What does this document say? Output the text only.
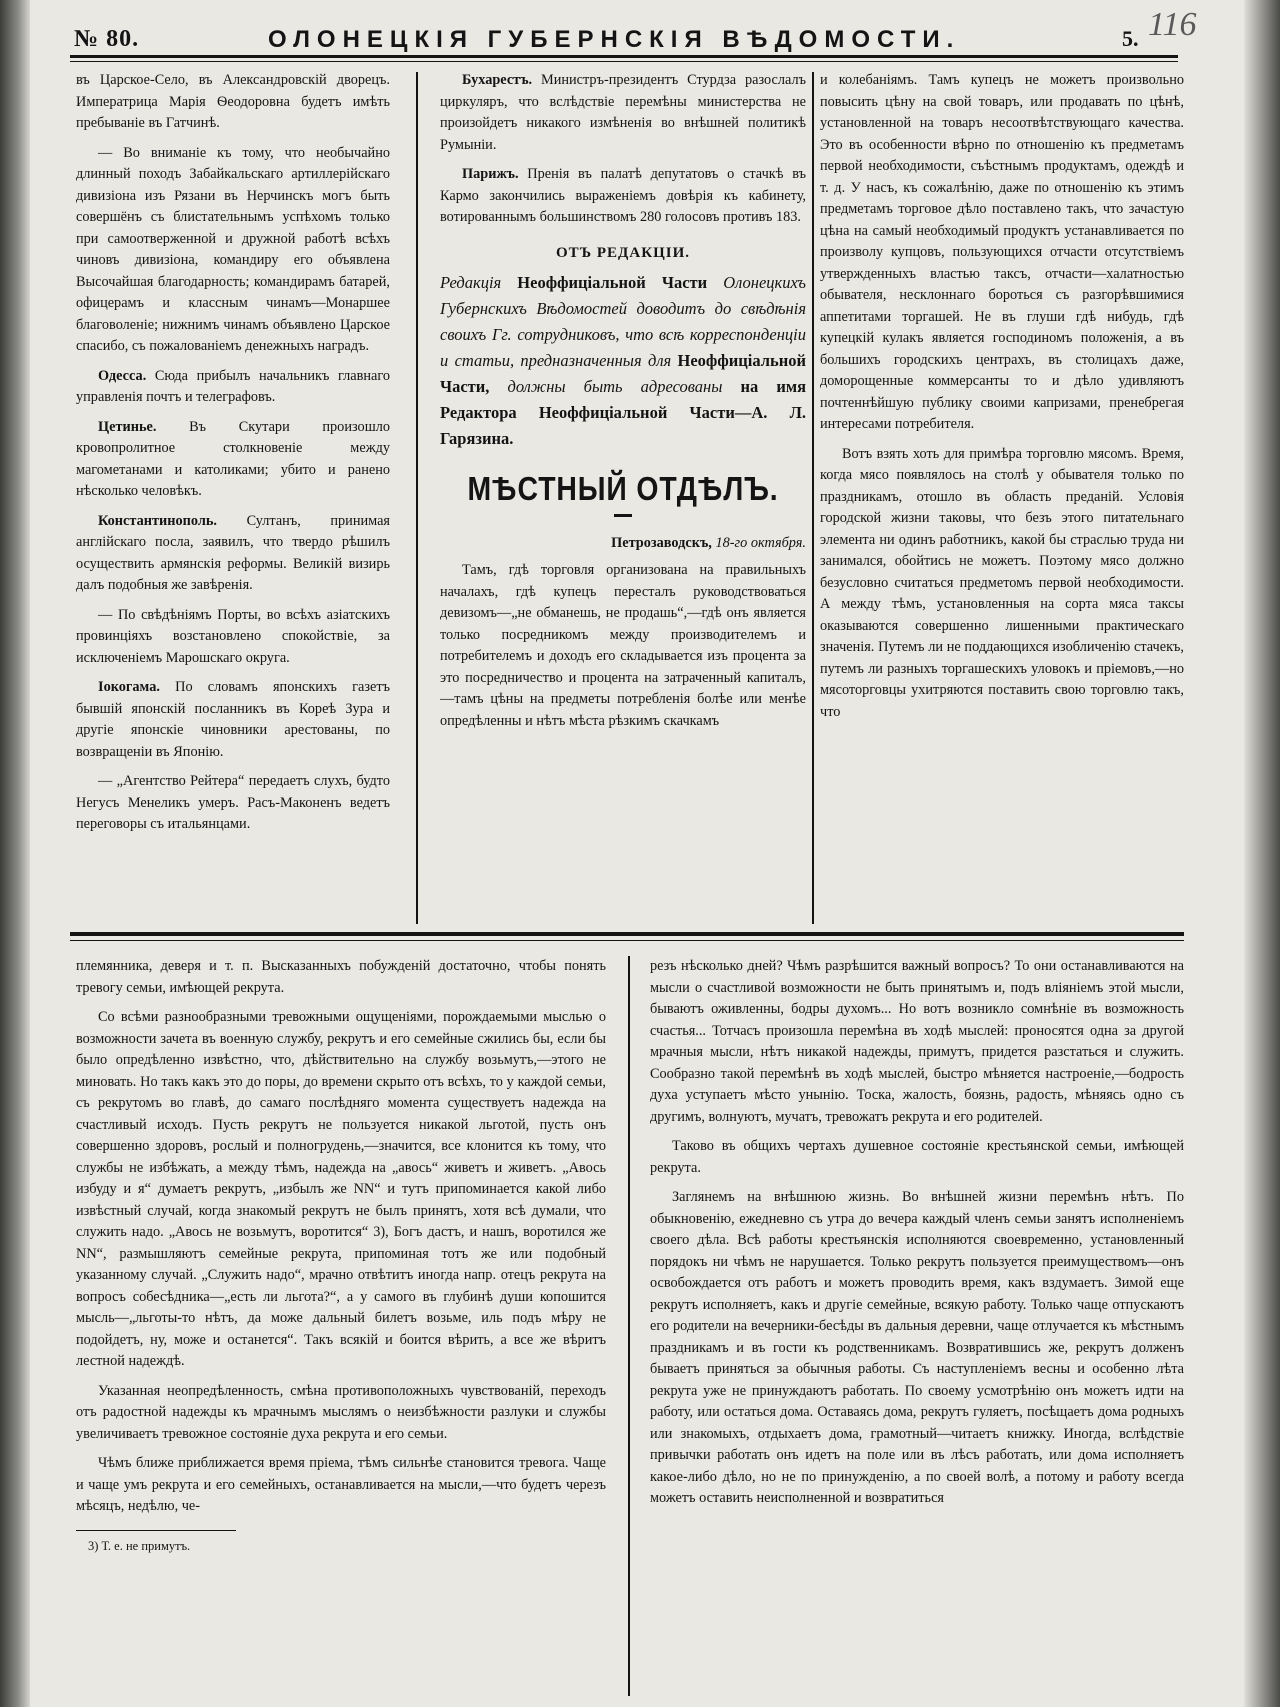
№ 80.	ОЛОНЕЦКІЯ ГУБЕРНСКІЯ ВѢДОМОСТИ.	5. 116

въ Царское-Село, въ Александровскій дворецъ. Императрица Марія Ѳеодоровна будетъ имѣть пребываніе въ Гатчинѣ.

— Во вниманіе къ тому, что необычайно длинный походъ Забайкальскаго артиллерійскаго дивизіона изъ Рязани въ Нерчинскъ могъ быть совершёнъ съ блистательнымъ успѣхомъ только при самоотверженной и дружной работѣ всѣхъ чиновъ дивизіона, командиру его объявлена Высочайшая благодарность; командирамъ батарей, офицерамъ и классным чинамъ—Монаршее благоволеніе; нижнимъ чинамъ объявлено Царское спасибо, съ пожалованіемъ денежныхъ наградъ.

Одесса. Сюда прибылъ начальникъ главнаго управленія почтъ и телеграфовъ.

Цетинье. Въ Скутари произошло кровопролитное столкновеніе между магометанами и католиками; убито и ранено нѣсколько человѣкъ.

Константинополь. Султанъ, принимая англійскаго посла, заявилъ, что твердо рѣшилъ осуществить армянскія реформы. Великій визирь далъ подобныя же завѣренія.

— По свѣдѣніямъ Порты, во всѣхъ азіатскихъ провинціяхъ возстановлено спокойствіе, за исключеніемъ Марошскаго округа.

Іокогама. По словамъ японскихъ газетъ бывшій японскій посланникъ въ Кореѣ Зура и другіе японскіе чиновники арестованы, по возвращеніи въ Японію.

— „Агентство Рейтера“ передаетъ слухъ, будто Негусъ Менеликъ умеръ. Расъ-Маконенъ ведетъ переговоры съ итальянцами.

Бухарестъ. Министръ-президентъ Стурдза разослалъ циркуляръ, что вслѣдствіе перемѣны министерства не произойдетъ никакого измѣненія во внѣшней политикѣ Румыніи.

Парижъ. Пренія въ палатѣ депутатовъ о стачкѣ въ Кармо закончились выраженіемъ довѣрія къ кабинету, вотированнымъ большинствомъ 280 голосовъ противъ 183.

ОТЪ РЕДАКЦІИ.
Редакція Неоффиціальной Части Олонецкихъ Губернскихъ Вѣдомостей доводитъ до свѣдѣнія своихъ Гг. сотрудниковъ, что всѣ корреспонденціи и статьи, предназначенныя для Неоффиціальной Части, должны быть адресованы на имя Редактора Неоффиціальной Части—А. Л. Гарязина.
МѢСТНЫЙ ОТДѢЛЪ.
Петрозаводскъ, 18-го октября.

Тамъ, гдѣ торговля организована на правильныхъ началахъ, гдѣ купецъ пересталъ руководствоваться девизомъ—„не обманешь, не продашь“,—гдѣ онъ является только посредникомъ между производителемъ и потребителемъ и доходъ его складывается изъ процента за это посредничество и процента на затраченный капиталъ,—тамъ цѣны на предметы потребленія болѣе или менѣе опредѣленны и нѣтъ мѣста рѣзкимъ скачкамъ

и колебаніямъ. Тамъ купецъ не можетъ произвольно повысить цѣну на свой товаръ, или продавать по цѣнѣ, установленной на товаръ несоотвѣтствующаго качества. Это въ особенности вѣрно по отношенію къ предметамъ первой необходимости, съѣстнымъ продуктамъ, одеждѣ и т. д. У насъ, къ сожалѣнію, даже по отношенію къ этимъ предметамъ торговое дѣло поставлено такъ, что зачастую цѣна на самый необходимый продуктъ устанавливается по произволу купцовъ, пользующихся отчасти отсутствіемъ утвержденныхъ властью таксъ, отчасти—халатностью обывателя, несклоннаго бороться съ разгорѣвшимися аппетитами торгашей. Не въ глуши гдѣ нибудь, гдѣ купецкій кулакъ является господиномъ положенія, а въ большихъ городскихъ центрахъ, въ столицахъ даже, доморощенные коммерсанты то и дѣло удивляютъ почтеннѣйшую публику своими капризами, пренебрегая интересами потребителя.

Вотъ взять хоть для примѣра торговлю мясомъ. Время, когда мясо появлялось на столѣ у обывателя только по праздникамъ, отошло въ область преданій. Условія городской жизни таковы, что безъ этого питательнаго элемента ни одинъ работникъ, какой бы страслью труда ни занимался, обойтись не можетъ. Поэтому мясо должно безусловно считаться предметомъ первой необходимости. А между тѣмъ, установленныя на сорта мяса таксы оказываются совершенно лишенными практическаго значенія. Путемъ ли не поддающихся изобличенію стачекъ, путемъ ли разныхъ торгашескихъ уловокъ и пріемовъ,—но мясоторговцы ухитряются поставить свою торговлю такъ, что

племянника, деверя и т. п. Высказанныхъ побужденій достаточно, чтобы понять тревогу семьи, имѣющей рекрута.

Со всѣми разнообразными тревожными ощущеніями, порождаемыми мыслью о возможности зачета въ военную службу, рекрутъ и его семейные сжились бы, если бы было опредѣленно извѣстно, что, дѣйствительно на службу возьмутъ,—этого не миновать. Но такъ какъ это до поры, до времени скрыто отъ всѣхъ, то у каждой семьи, съ рекрутомъ во главѣ, до самаго послѣдняго момента существуетъ надежда на счастливый исходъ. Пусть рекрутъ не пользуется никакой льготой, пусть онъ совершенно здоровъ, рослый и полногрудень,—значится, все клонится къ тому, что службы не избѣжать, а между тѣмъ, надежда на „авось“ живетъ и живетъ. „Авось избуду и я“ думаетъ рекрутъ, „избылъ же NN“ и тутъ припоминается какой либо извѣстный случай, когда знакомый рекрутъ не былъ принятъ, хотя всѣ думали, что служить надо. „Авось не возьмутъ, воротится“ 3), Богъ дастъ, и нашъ, воротился же NN“, размышляютъ семейные рекрута, припоминая тотъ же или подобный указанному случай. „Служить надо“, мрачно отвѣтитъ иногда напр. отецъ рекрута на вопросъ собесѣдника—„есть ли льгота?“, а у самого въ глубинѣ души копошится мысль—„льготы-то нѣтъ, да може дальный билетъ возьме, иль подъ мѣру не подойдетъ, ну, може и останется“. Такъ всякій и боится вѣрить, а все же вѣритъ лестной надеждѣ.

Указанная неопредѣленность, смѣна противоположныхъ чувствованій, переходъ отъ радостной надежды къ мрачнымъ мыслямъ о неизбѣжности разлуки и службы увеличиваетъ тревожное состояніе духа рекрута и его семьи.

Чѣмъ ближе приближается время пріема, тѣмъ сильнѣе становится тревога. Чаще и чаще умъ рекрута и его семейныхъ, останавливается на мысли,—что будетъ черезъ мѣсяцъ, недѣлю, че-

3) Т. е. не примутъ.

резъ нѣсколько дней? Чѣмъ разрѣшится важный вопросъ? То они останавливаются на мысли о счастливой возможности не быть принятымъ и, подъ вліяніемъ этой мысли, бываютъ оживленны, бодры духомъ... Но вотъ возникло сомнѣніе въ возможность счастья... Тотчасъ произошла перемѣна въ ходѣ мыслей: проносятся одна за другой мрачныя мысли, нѣтъ никакой надежды, примутъ, придется разстаться и служить. Сообразно такой перемѣнѣ въ ходѣ мыслей, быстро мѣняется настроеніе,—бодрость духа уступаетъ мѣсто унынію. Тоска, жалость, боязнь, радость, мѣняясь одно съ другимъ, волнуютъ, мучатъ, тревожатъ рекрута и его родителей.

Таково въ общихъ чертахъ душевное состояніе крестьянской семьи, имѣющей рекрута.

Заглянемъ на внѣшнюю жизнь. Во внѣшней жизни перемѣнъ нѣтъ. По обыкновенію, ежедневно съ утра до вечера каждый членъ семьи занятъ исполненіемъ своего дѣла. Всѣ работы крестьянскія исполняются своевременно, установленный порядокъ ни чѣмъ не нарушается. Только рекрутъ пользуется преимуществомъ—онъ освобождается отъ работъ и можетъ проводить время, какъ вздумаетъ. Зимой еще рекрутъ исполняетъ, какъ и другіе семейные, всякую работу. Только чаще отпускаютъ его родители на вечерники-бесѣды въ дальныя деревни, чаще отлучается къ мѣстнымъ праздникамъ и въ гости къ родственникамъ. Возвратившись же, рекрутъ долженъ бываетъ приняться за обычныя работы. Съ наступленіемъ весны и особенно лѣта рекрута уже не принуждаютъ работать. По своему усмотрѣнію онъ можетъ идти на работу, или остаться дома. Оставаясь дома, рекрутъ гуляетъ, посѣщаетъ дома родныхъ или знакомыхъ, отдыхаетъ дома, грамотный—читаетъ книжку. Иногда, вслѣдствіе привычки работать онъ идетъ на поле или въ лѣсъ работать, или дома исполняетъ какое-либо дѣло, но не по принужденію, а по своей волѣ, а потому и работу всегда можетъ оставить неисполненной и возвратиться
